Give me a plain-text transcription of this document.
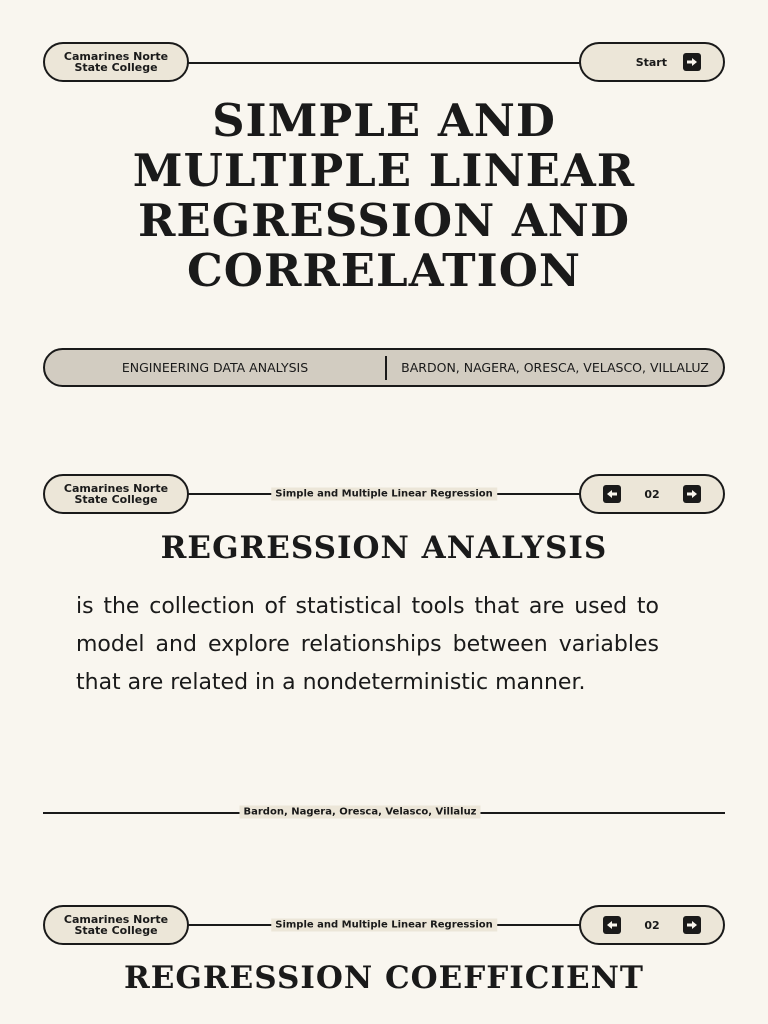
Camarines Norte
State College	Start
SIMPLE AND
MULTIPLE LINEAR
REGRESSION AND
CORRELATION
ENGINEERING DATA ANALYSIS	BARDON, NAGERA, ORESCA, VELASCO, VILLALUZ
Simple and Multiple Linear Regression
Camarines Norte
State College	02
REGRESSION ANALYSIS
is the collection of statistical tools that are used to model and explore relationships between variables that are related in a nondeterministic manner.
Bardon, Nagera, Oresca, Velasco, Villaluz
Simple and Multiple Linear Regression
Camarines Norte
State College	02
REGRESSION COEFFICIENT
